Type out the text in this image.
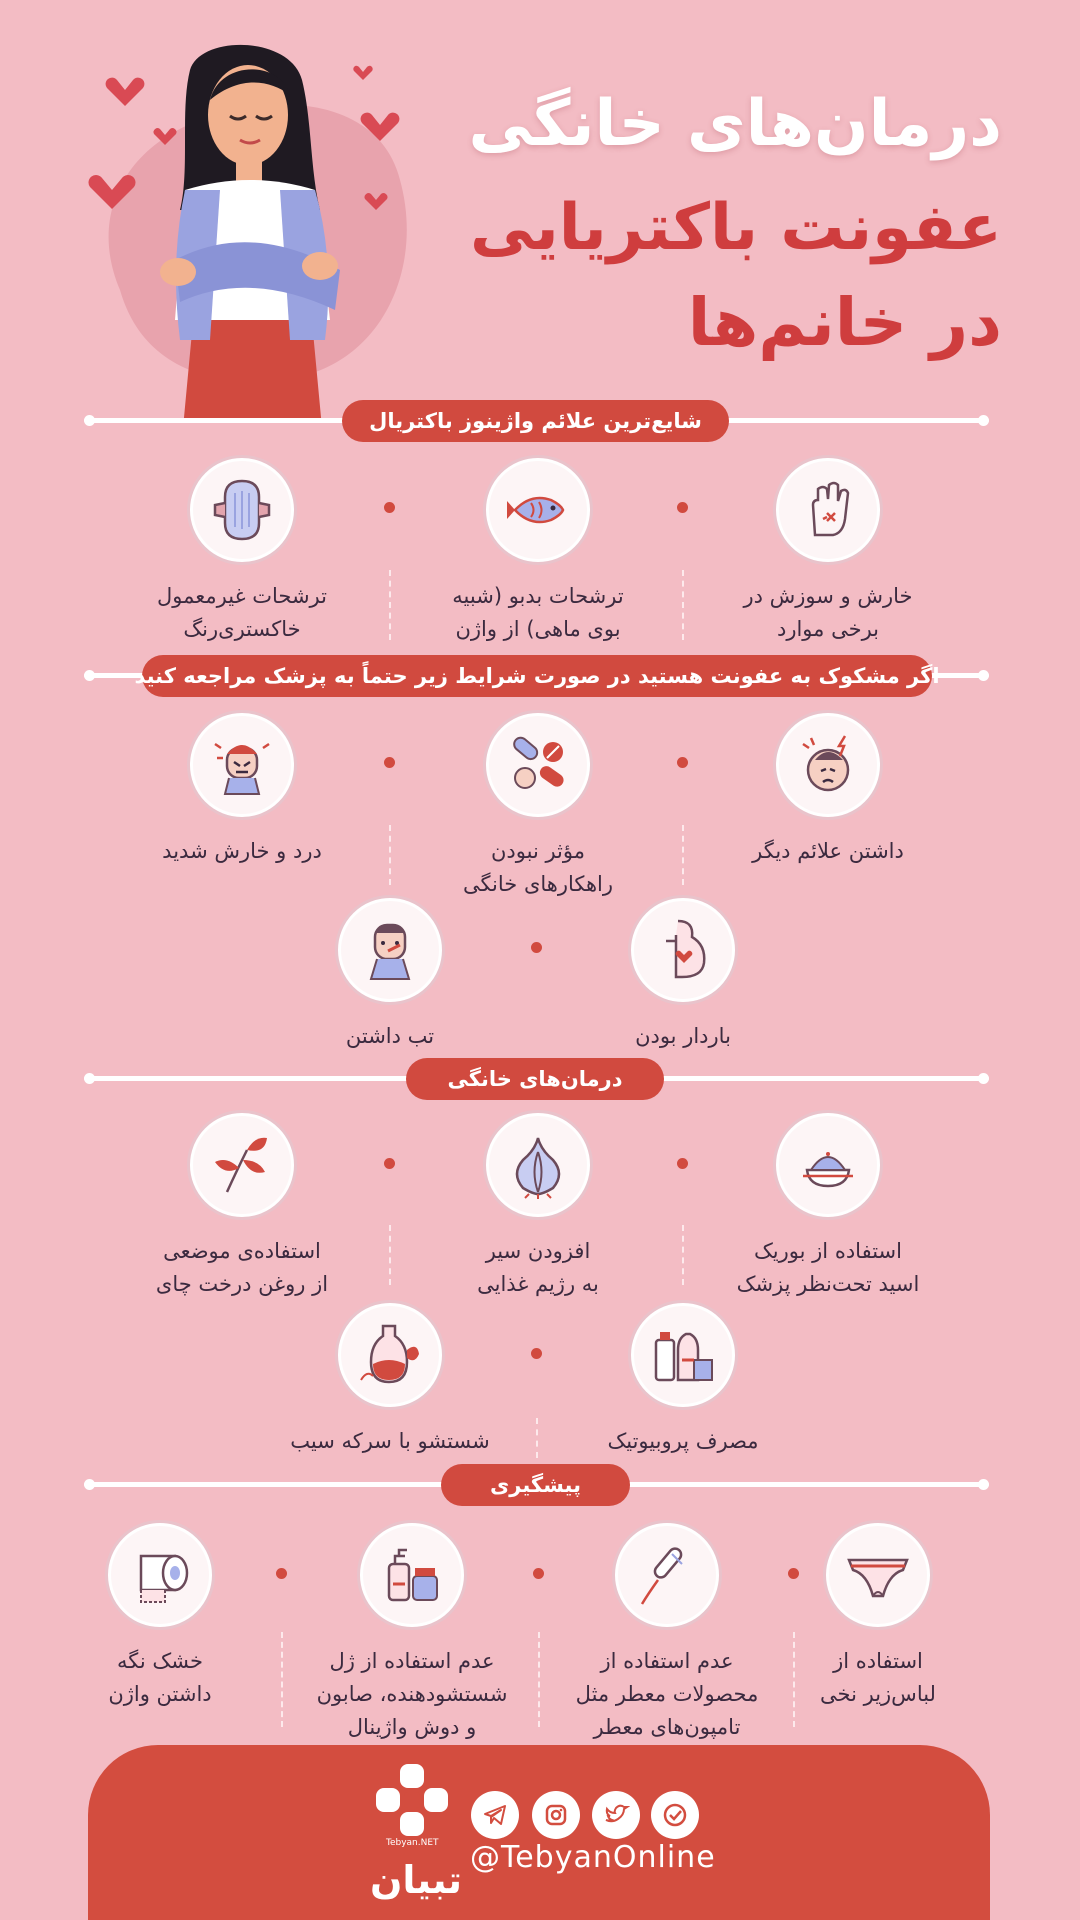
درمان‌های خانگی
عفونت باکتریایی
در خانم‌ها
شایع‌ترین علائم واژینوز باکتریال
خارش و سوزش در
برخی موارد
ترشحات بدبو (شبیه
بوی ماهی) از واژن
ترشحات غیرمعمول
خاکستری‌رنگ
اگر مشکوک به عفونت هستید در صورت شرایط زیر حتماً به پزشک مراجعه کنید
داشتن علائم دیگر
مؤثر نبودن
راهکارهای خانگی
درد و خارش شدید
باردار بودن
تب داشتن
درمان‌های خانگی
استفاده از بوریک
اسید تحت‌نظر پزشک
افزودن سیر
به رژیم غذایی
استفاده‌ی موضعی
از روغن درخت چای
مصرف پروبیوتیک
شستشو با سرکه سیب
پیشگیری
استفاده از
لباس‌زیر نخی
عدم استفاده از
محصولات معطر مثل
تامپون‌های معطر
عدم استفاده از ژل
شستشودهنده، صابون
و دوش واژینال
خشک نگه
داشتن واژن
Tebyan.NET
تبیان
@TebyanOnline
